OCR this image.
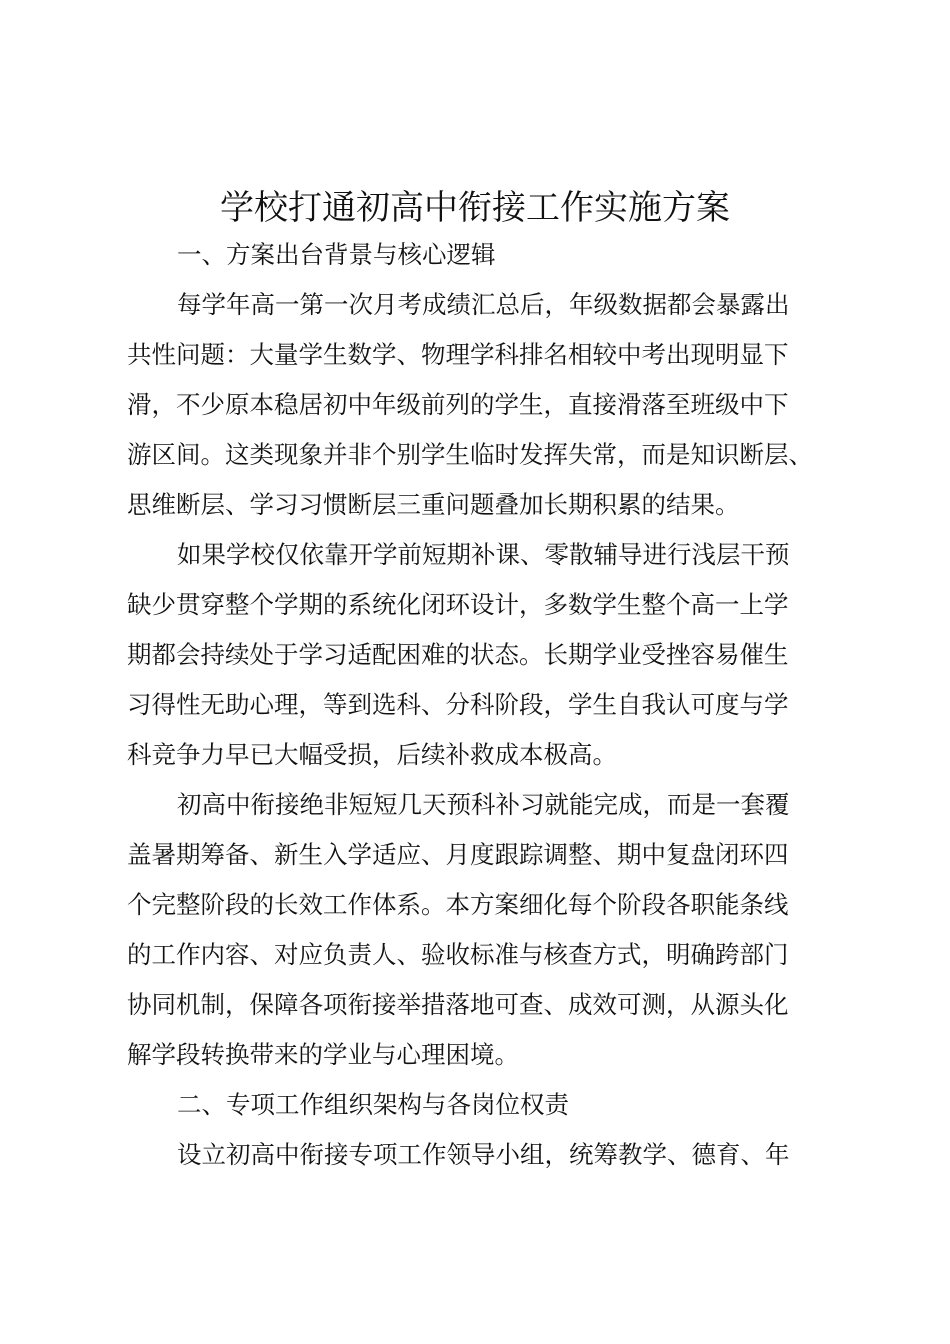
学校打通初高中衔接工作实施方案

一、方案出台背景与核心逻辑

每学年高一第一次月考成绩汇总后，年级数据都会暴露出

共性问题：大量学生数学、物理学科排名相较中考出现明显下

滑，不少原本稳居初中年级前列的学生，直接滑落至班级中下

游区间。这类现象并非个别学生临时发挥失常，而是知识断层、

思维断层、学习习惯断层三重问题叠加长期积累的结果。

如果学校仅依靠开学前短期补课、零散辅导进行浅层干预

缺少贯穿整个学期的系统化闭环设计，多数学生整个高一上学

期都会持续处于学习适配困难的状态。长期学业受挫容易催生

习得性无助心理，等到选科、分科阶段，学生自我认可度与学

科竞争力早已大幅受损，后续补救成本极高。

初高中衔接绝非短短几天预科补习就能完成，而是一套覆

盖暑期筹备、新生入学适应、月度跟踪调整、期中复盘闭环四

个完整阶段的长效工作体系。本方案细化每个阶段各职能条线

的工作内容、对应负责人、验收标准与核查方式，明确跨部门

协同机制，保障各项衔接举措落地可查、成效可测，从源头化

解学段转换带来的学业与心理困境。

二、专项工作组织架构与各岗位权责

设立初高中衔接专项工作领导小组，统筹教学、德育、年
